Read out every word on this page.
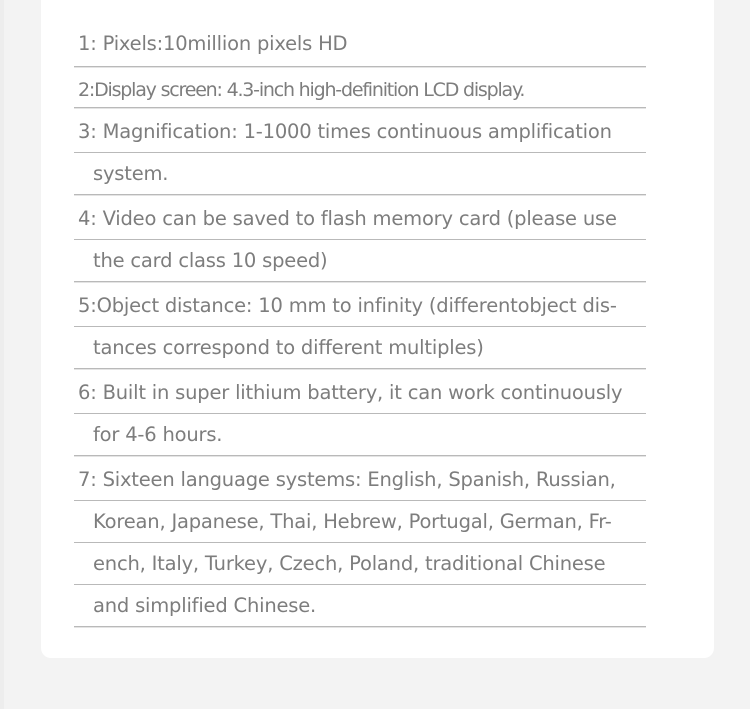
1: Pixels:10million pixels HD
2:Display screen: 4.3-inch high-definition LCD display.
3: Magnification: 1-1000 times continuous amplification
system.
4: Video can be saved to flash memory card (please use
the card class 10 speed)
5:Object distance: 10 mm to infinity (differentobject dis-
tances correspond to different multiples)
6: Built in super lithium battery, it can work continuously
for 4-6 hours.
7: Sixteen language systems: English, Spanish, Russian,
Korean, Japanese, Thai, Hebrew, Portugal, German, Fr-
ench, Italy, Turkey, Czech, Poland, traditional Chinese
and simplified Chinese.
